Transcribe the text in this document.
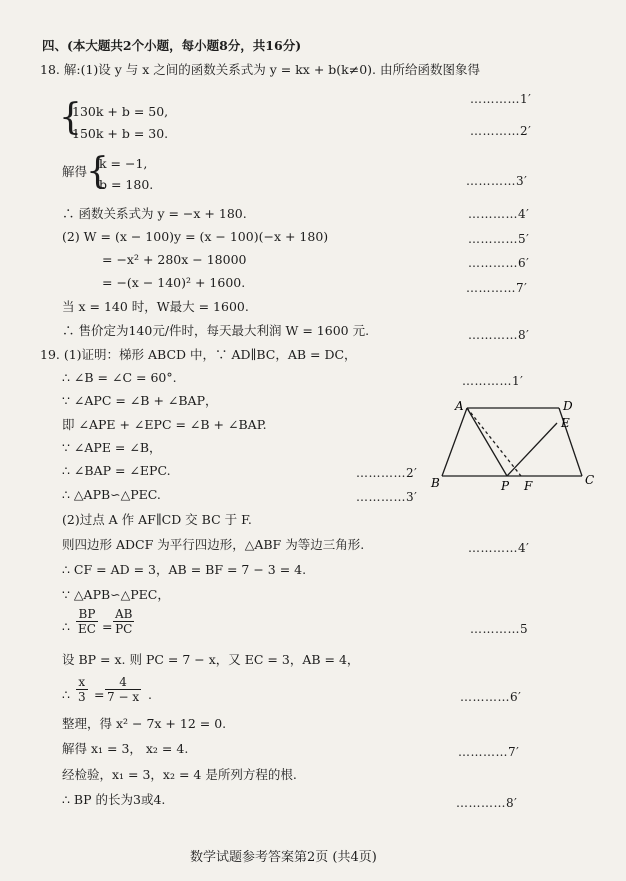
四、(本大题共2个小题，每小题8分，共16分)
18. 解:(1)设 y 与 x 之间的函数关系式为 y = kx + b(k≠0). 由所给函数图象得
…………1′
{
130k + b = 50,
150k + b = 30.	…………2′
解得
{
k = −1,
b = 180.	…………3′
∴ 函数关系式为 y = −x + 180.	…………4′
(2) W = (x − 100)y = (x − 100)(−x + 180)	…………5′
= −x² + 280x − 18000	…………6′
= −(x − 140)² + 1600.	…………7′
当 x = 140 时，W最大 = 1600.
∴ 售价定为140元/件时，每天最大利润 W = 1600 元.	…………8′
19. (1)证明：梯形 ABCD 中，∵ AD∥BC，AB = DC，
∴ ∠B = ∠C = 60°.	…………1′
∵ ∠APC = ∠B + ∠BAP，
即 ∠APE + ∠EPC = ∠B + ∠BAP.
∵ ∠APE = ∠B，
∴ ∠BAP = ∠EPC.	…………2′
∴ △APB∽△PEC.	…………3′
A	D
E
B	P F	C
(2)过点 A 作 AF∥CD 交 BC 于 F.
则四边形 ADCF 为平行四边形，△ABF 为等边三角形.	…………4′
∴ CF = AD = 3，AB = BF = 7 − 3 = 4.
∵ △APB∽△PEC，
∴ $\frac{BP}{EC} = \frac{AB}{PC}$	…………5
设 BP = x. 则 PC = 7 − x，又 EC = 3，AB = 4，
∴ $\frac{x}{3} = \frac{4}{7 - x}$ .	…………6′
整理，得 x² − 7x + 12 = 0.
解得 x₁ = 3， x₂ = 4.	…………7′
经检验，x₁ = 3，x₂ = 4 是所列方程的根.
∴ BP 的长为3或4.	…………8′
数学试题参考答案第2页 (共4页)
